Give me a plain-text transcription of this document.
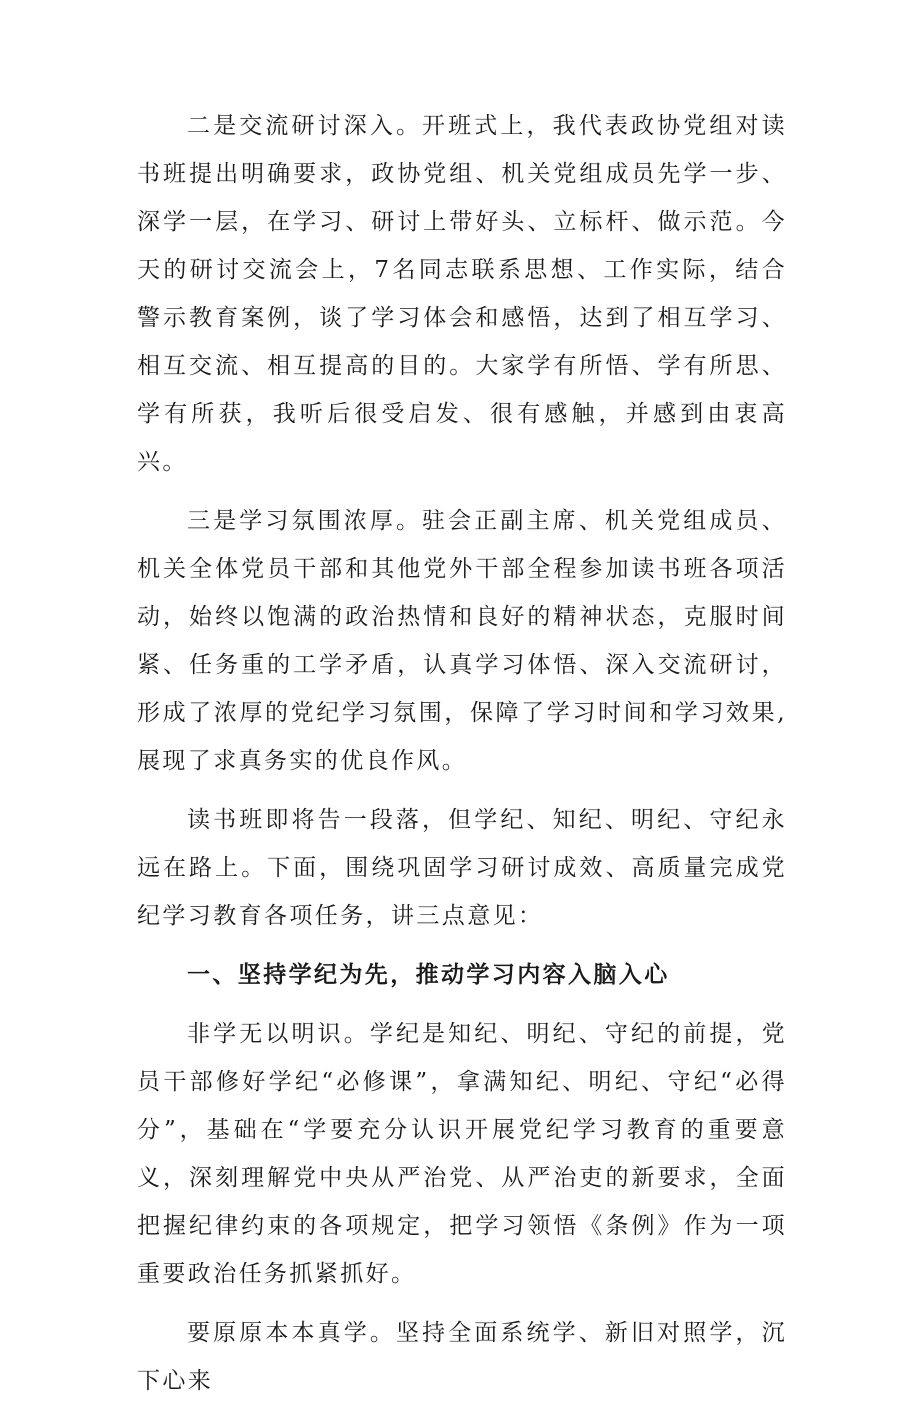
二是交流研讨深入。开班式上，我代表政协党组对读书班提出明确要求，政协党组、机关党组成员先学一步、深学一层，在学习、研讨上带好头、立标杆、做示范。今天的研讨交流会上，7名同志联系思想、工作实际，结合警示教育案例，谈了学习体会和感悟，达到了相互学习、相互交流、相互提高的目的。大家学有所悟、学有所思、学有所获，我听后很受启发、很有感触，并感到由衷高兴。

三是学习氛围浓厚。驻会正副主席、机关党组成员、机关全体党员干部和其他党外干部全程参加读书班各项活动，始终以饱满的政治热情和良好的精神状态，克服时间紧、任务重的工学矛盾，认真学习体悟、深入交流研讨，形成了浓厚的党纪学习氛围，保障了学习时间和学习效果,展现了求真务实的优良作风。

读书班即将告一段落，但学纪、知纪、明纪、守纪永远在路上。下面，围绕巩固学习研讨成效、高质量完成党纪学习教育各项任务，讲三点意见：

一、坚持学纪为先，推动学习内容入脑入心

非学无以明识。学纪是知纪、明纪、守纪的前提，党员干部修好学纪“必修课”，拿满知纪、明纪、守纪“必得分”，基础在“学要充分认识开展党纪学习教育的重要意义，深刻理解党中央从严治党、从严治吏的新要求，全面把握纪律约束的各项规定，把学习领悟《条例》作为一项重要政治任务抓紧抓好。

要原原本本真学。坚持全面系统学、新旧对照学，沉下心来
